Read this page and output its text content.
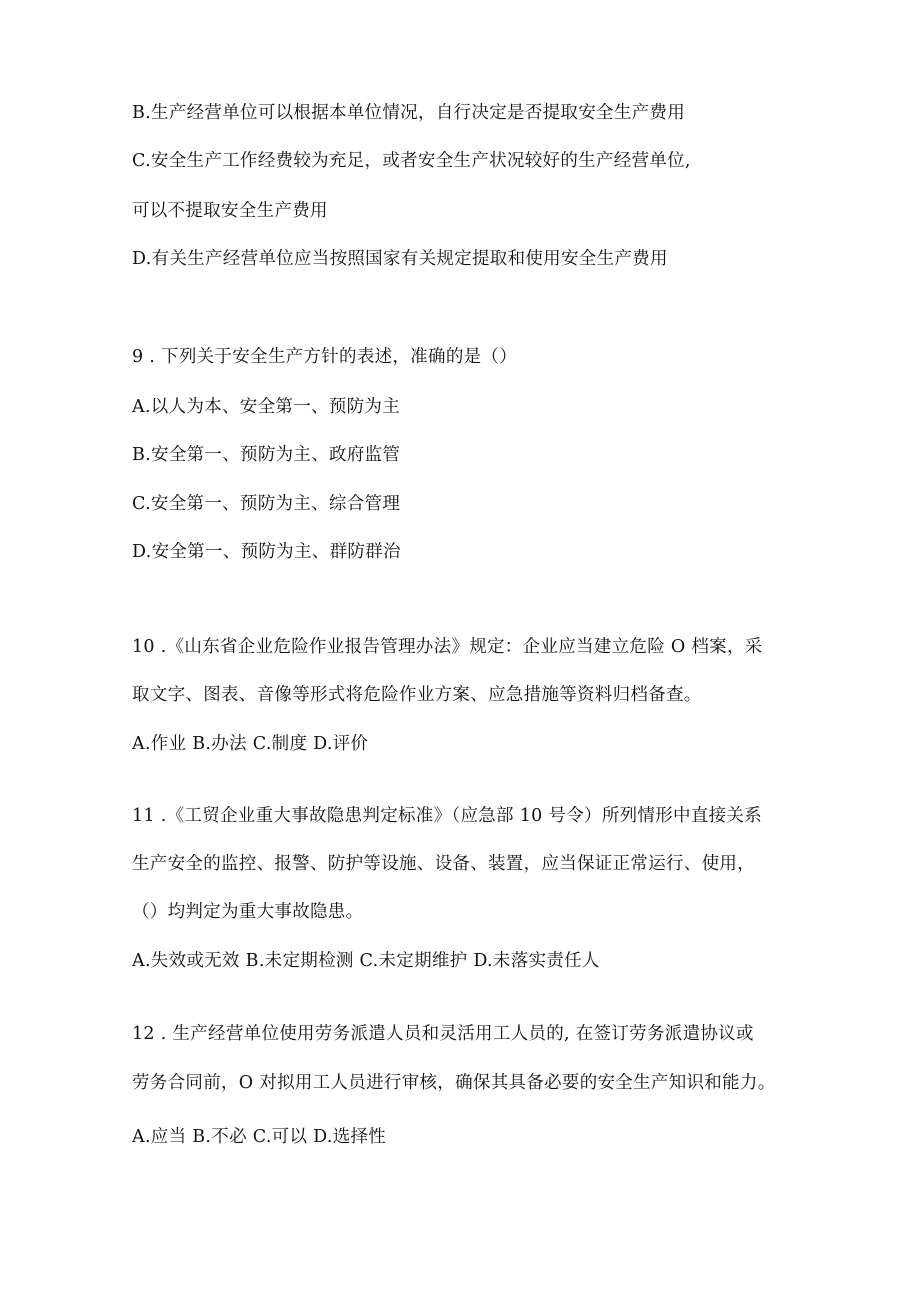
B.生产经营单位可以根据本单位情况，自行决定是否提取安全生产费用
C.安全生产工作经费较为充足，或者安全生产状况较好的生产经营单位,
可以不提取安全生产费用
D.有关生产经营单位应当按照国家有关规定提取和使用安全生产费用
9 . 下列关于安全生产方针的表述，准确的是（）
A.以人为本、安全第一、预防为主
B.安全第一、预防为主、政府监管
C.安全第一、预防为主、综合管理
D.安全第一、预防为主、群防群治
10 .《山东省企业危险作业报告管理办法》规定：企业应当建立危险 O 档案，采
取文字、图表、音像等形式将危险作业方案、应急措施等资料归档备查。
A.作业 B.办法 C.制度 D.评价
11 .《工贸企业重大事故隐患判定标准》（应急部 10 号令）所列情形中直接关系
生产安全的监控、报警、防护等设施、设备、装置，应当保证正常运行、使用，
（）均判定为重大事故隐患。
A.失效或无效 B.未定期检测 C.未定期维护 D.未落实责任人
12 . 生产经营单位使用劳务派遣人员和灵活用工人员的, 在签订劳务派遣协议或
劳务合同前，O 对拟用工人员进行审核，确保其具备必要的安全生产知识和能力。
A.应当 B.不必 C.可以 D.选择性
